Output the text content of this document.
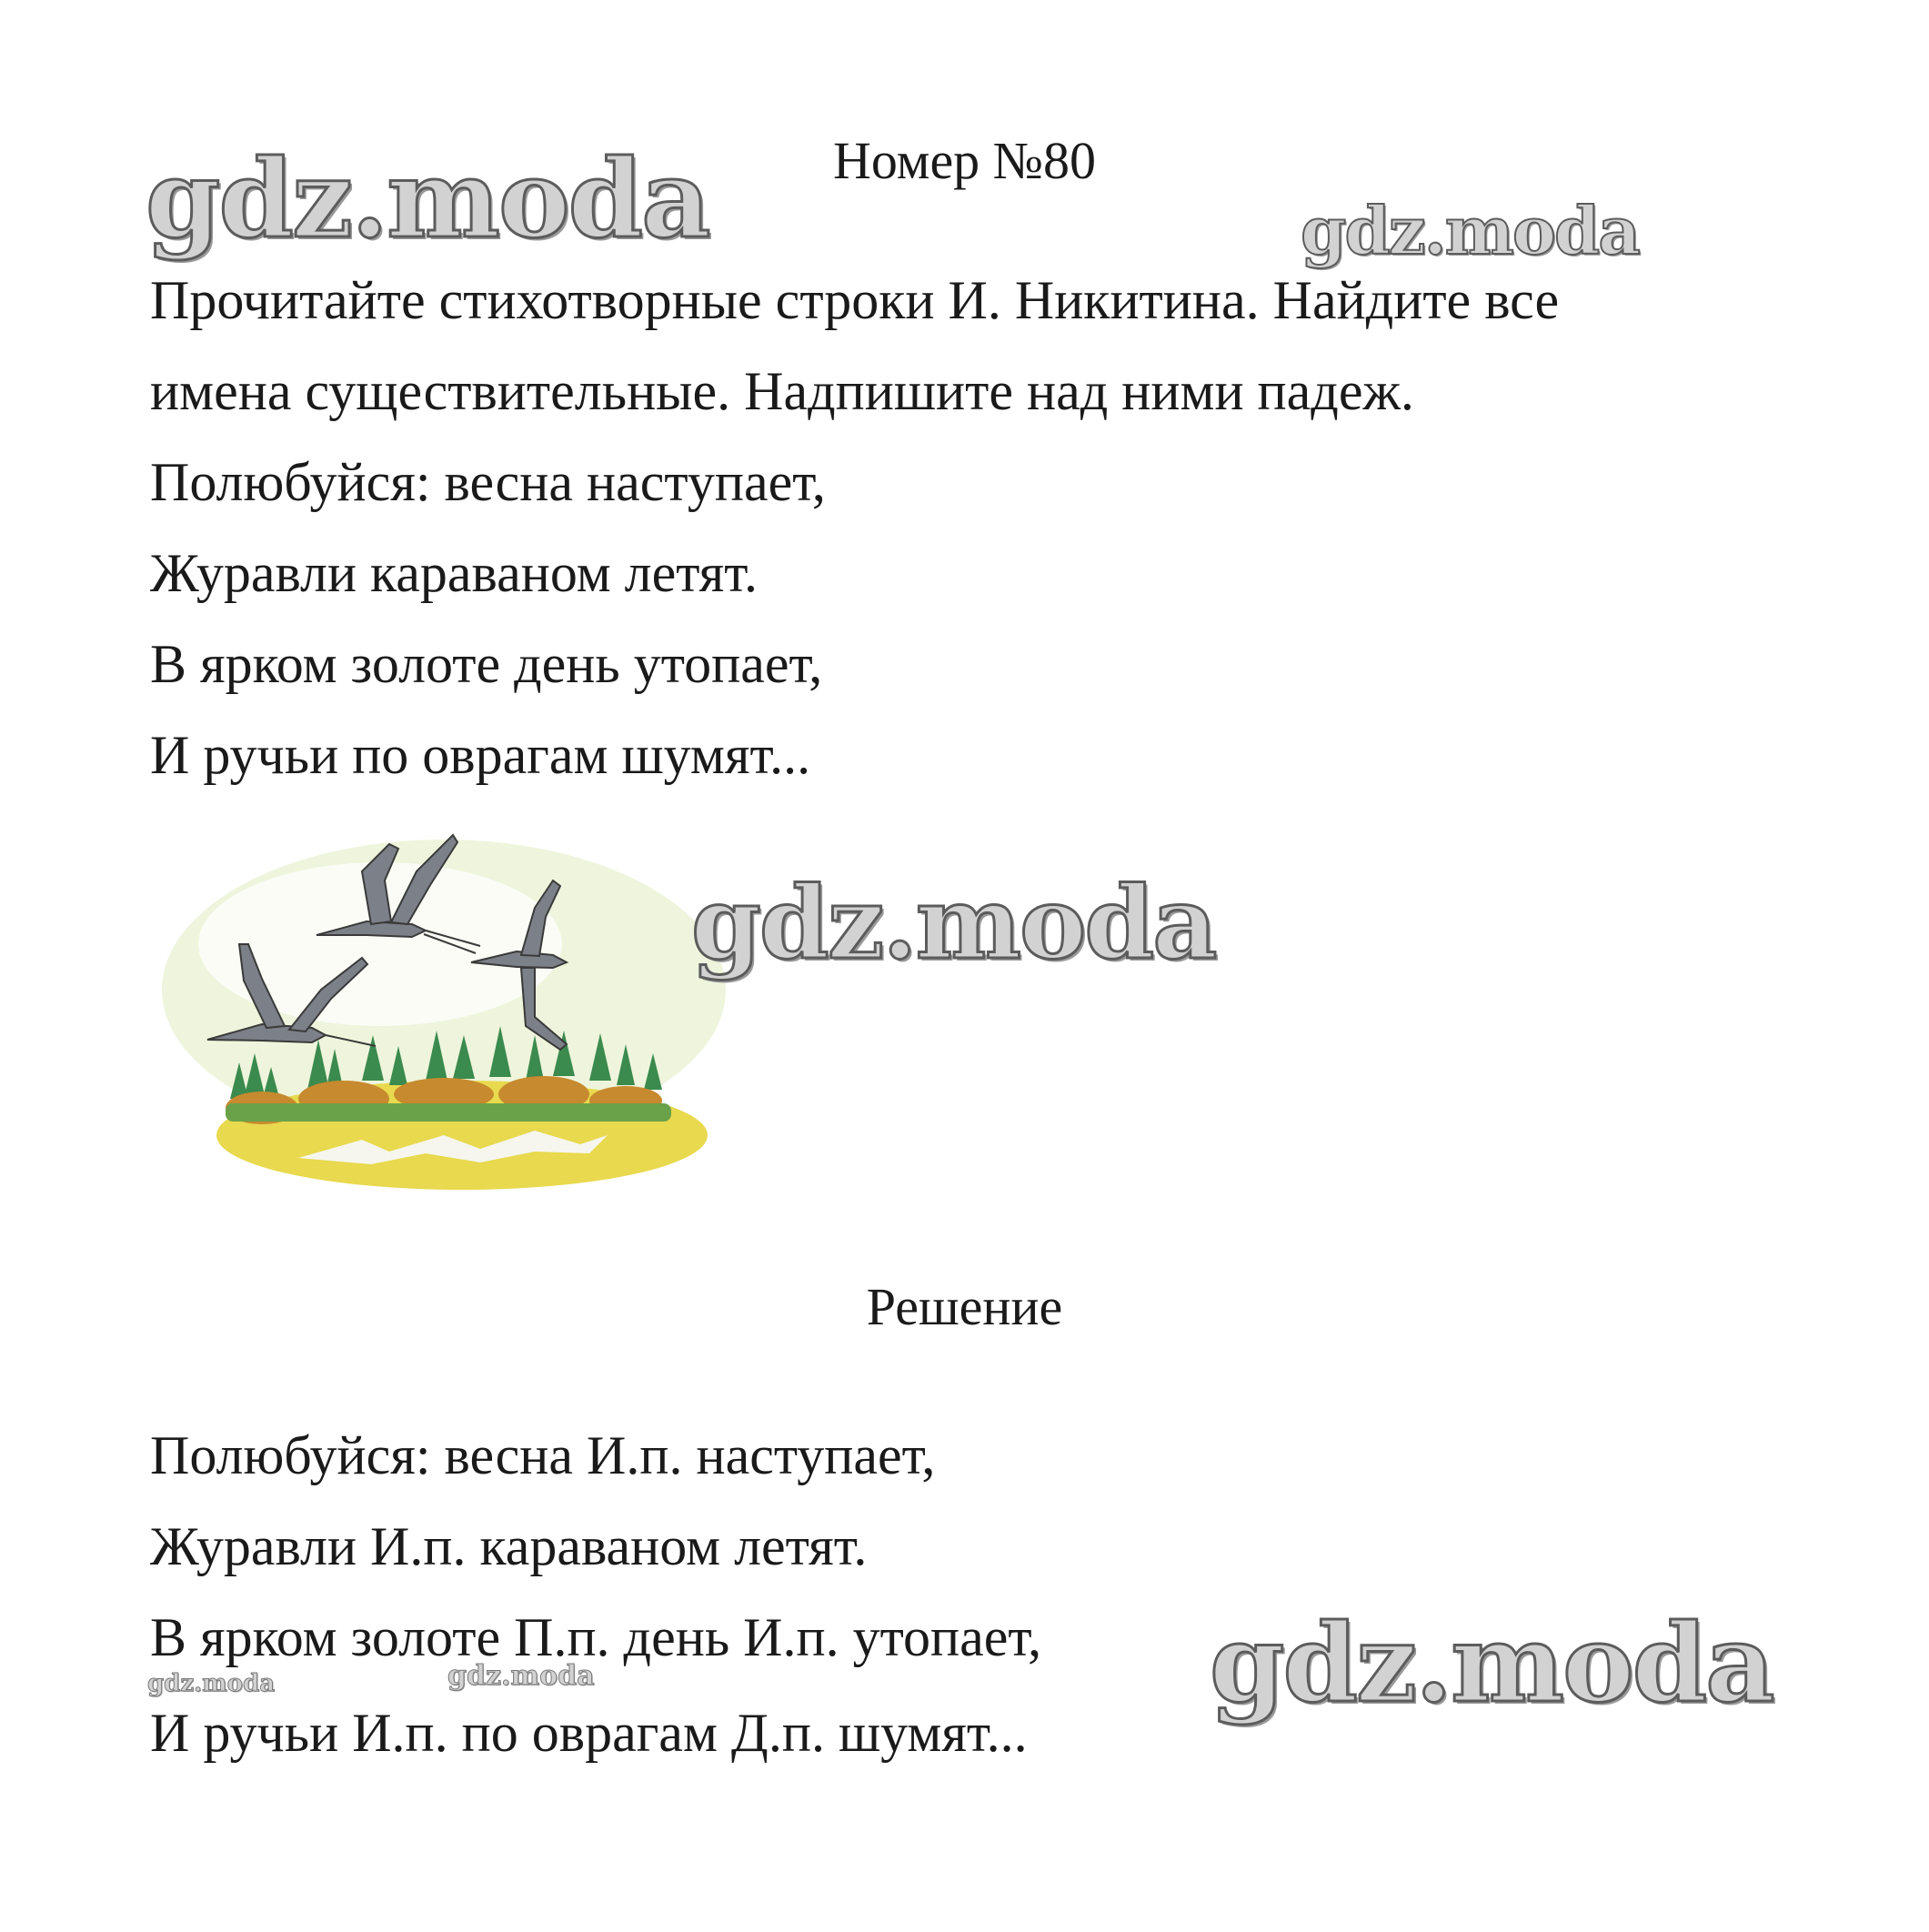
gdz.moda	gdz.moda
Номер №80
Прочитайте стихотворные строки И. Никитина. Найдите все
имена существительные. Надпишите над ними падеж.
Полюбуйся: весна наступает,
Журавли караваном летят.
В ярком золоте день утопает,
И ручьи по оврагам шумят...
gdz.moda
Решение
Полюбуйся: весна И.п. наступает,
Журавли И.п. караваном летят.
В ярком золоте П.п. день И.п. утопает,
И ручьи И.п. по оврагам Д.п. шумят...
gdz.moda	gdz.moda	gdz.moda
